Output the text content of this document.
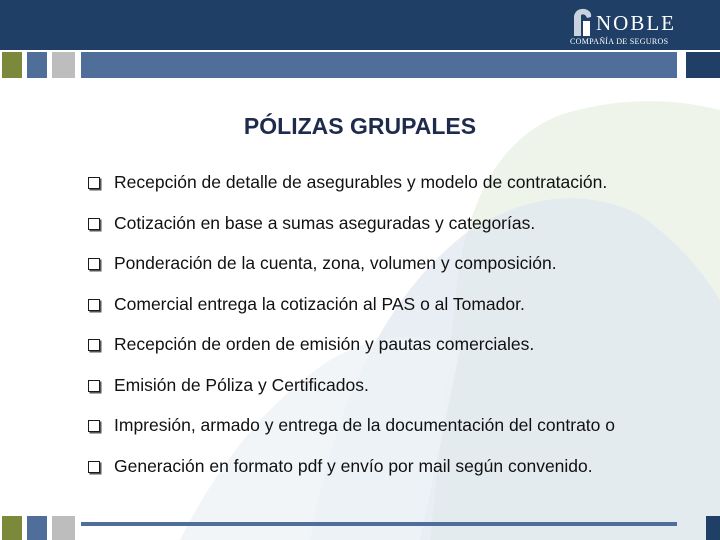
NOBLE
COMPAÑÍA DE SEGUROS
PÓLIZAS GRUPALES
Recepción de detalle de asegurables y modelo de contratación.
Cotización en base a sumas aseguradas y categorías.
Ponderación de la cuenta, zona, volumen y composición.
Comercial entrega la cotización al PAS o al Tomador.
Recepción de orden de emisión y pautas comerciales.
Emisión de Póliza y Certificados.
Impresión, armado y entrega de la documentación del contrato o
Generación en formato pdf y envío por mail según convenido.
